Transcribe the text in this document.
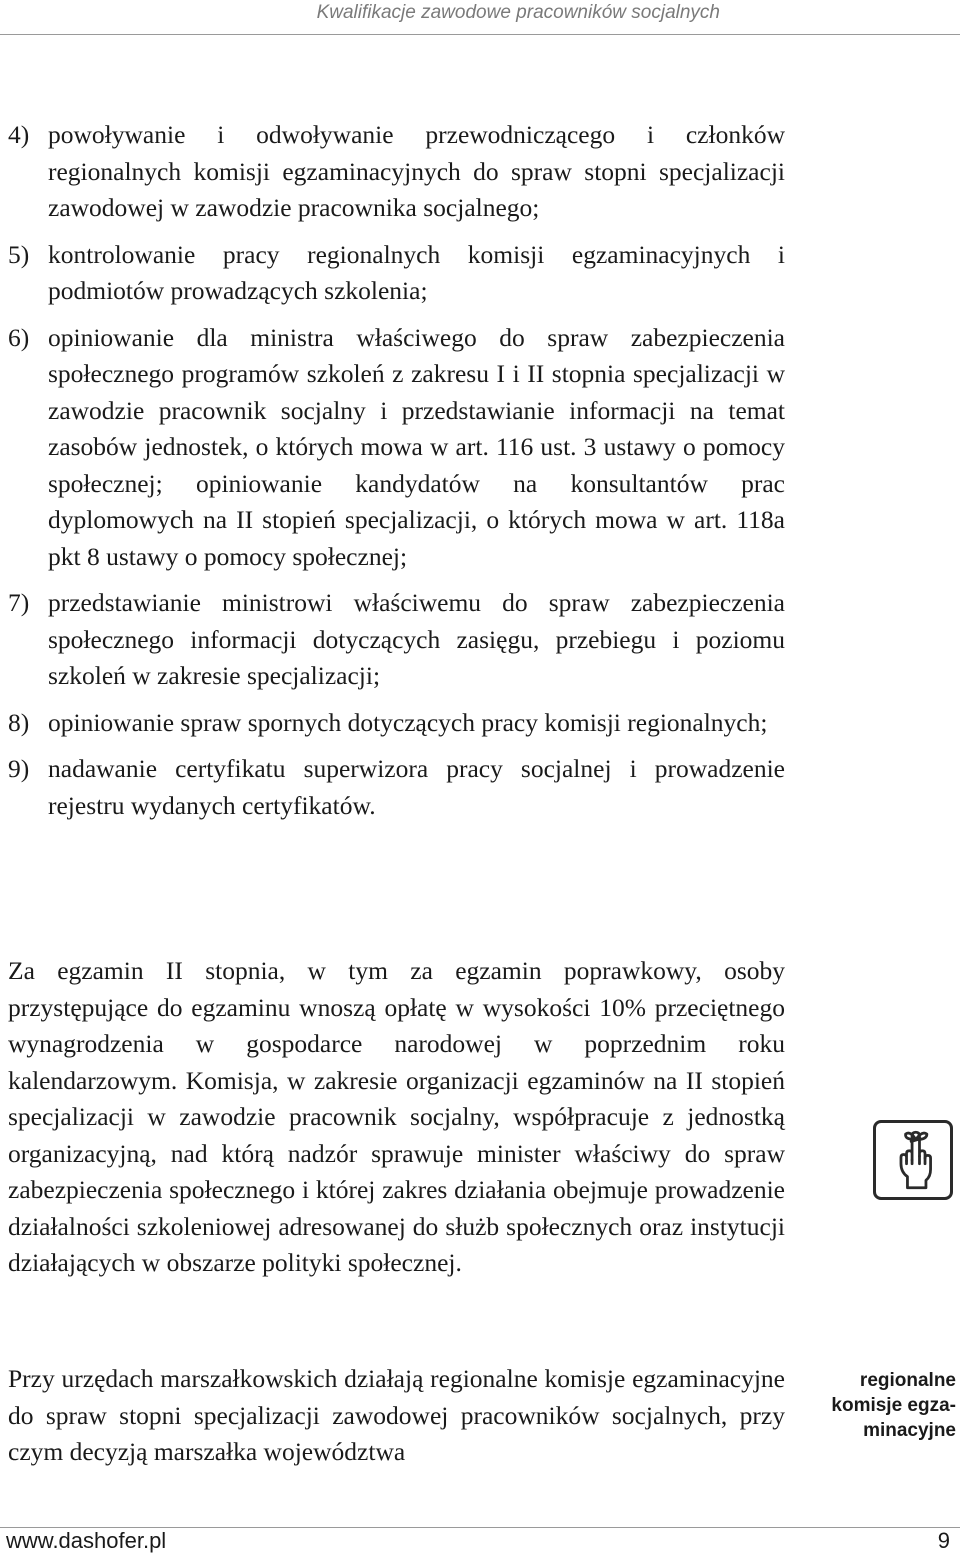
Kwalifikacje zawodowe pracowników socjalnych
4) powoływanie i odwoływanie przewodniczącego i członków regionalnych komisji egzaminacyjnych do spraw stopni specjalizacji zawodowej w zawodzie pracownika socjalnego;
5) kontrolowanie pracy regionalnych komisji egzaminacyjnych i podmiotów prowadzących szkolenia;
6) opiniowanie dla ministra właściwego do spraw zabezpieczenia społecznego programów szkoleń z zakresu I i II stopnia specjalizacji w zawodzie pracownik socjalny i przedstawianie informacji na temat zasobów jednostek, o których mowa w art. 116 ust. 3 ustawy o pomocy społecznej; opiniowanie kandydatów na konsultantów prac dyplomowych na II stopień specjalizacji, o których mowa w art. 118a pkt 8 ustawy o pomocy społecznej;
7) przedstawianie ministrowi właściwemu do spraw zabezpieczenia społecznego informacji dotyczących zasięgu, przebiegu i poziomu szkoleń w zakresie specjalizacji;
8) opiniowanie spraw spornych dotyczących pracy komisji regionalnych;
9) nadawanie certyfikatu superwizora pracy socjalnej i prowadzenie rejestru wydanych certyfikatów.

Za egzamin II stopnia, w tym za egzamin poprawkowy, osoby przystępujące do egzaminu wnoszą opłatę w wysokości 10% przeciętnego wynagrodzenia w gospodarce narodowej w poprzednim roku kalendarzowym. Komisja, w zakresie organizacji egzaminów na II stopień specjalizacji w zawodzie pracownik socjalny, współpracuje z jednostką organizacyjną, nad którą nadzór sprawuje minister właściwy do spraw zabezpieczenia społecznego i której zakres działania obejmuje prowadzenie działalności szkoleniowej adresowanej do służb społecznych oraz instytucji działających w obszarze polityki społecznej.

Przy urzędach marszałkowskich działają regionalne komisje egzaminacyjne do spraw stopni specjalizacji zawodowej pracowników socjalnych, przy czym decyzją marszałka województwa

regionalne komisje egzaminacyjne
www.dashofer.pl	9
